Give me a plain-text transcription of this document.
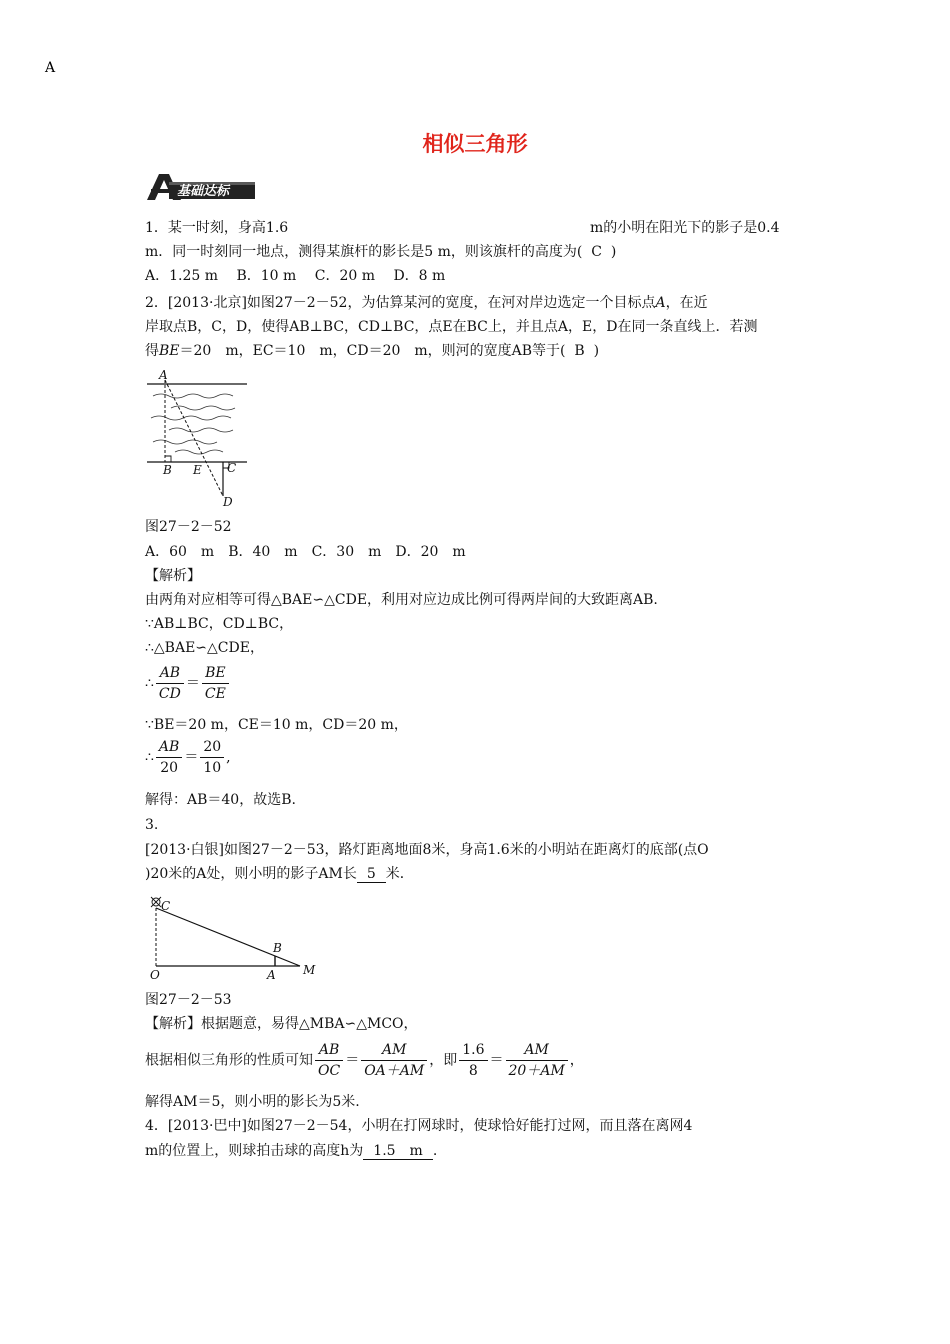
相似三角形
A
基础达标
1．某一时刻，身高1.6	m的小明在阳光下的影子是0.4
m．同一时刻同一地点，测得某旗杆的影长是5 m，则该旗杆的高度为( C )
A．1.25 m　 B．10 m　 C．20 m　 D．8 m
2．[2013·北京]如图27－2－52，为估算某河的宽度，在河对岸边选定一个目标点A，在近
岸取点B，C，D，使得AB⊥BC，CD⊥BC，点E在BC上，并且点A，E，D在同一条直线上．若测
得BE＝20　m，EC＝10　m，CD＝20　m，则河的宽度AB等于( B )
A
B E C
D
图27－2－52
A．60　m　B．40　m　C．30　m　D．20　m
【解析】
由两角对应相等可得△BAE∽△CDE，利用对应边成比例可得两岸间的大致距离AB.
∵AB⊥BC，CD⊥BC，
∴△BAE∽△CDE，
∴ $\frac{AB}{CD} = \frac{BE}{CE}$
∵BE＝20 m，CE＝10 m，CD＝20 m，
∴ $\frac{AB}{20} = \frac{20}{10}$ ,
解得：AB＝40，故选B.
3.
[2013·白银]如图27－2－53，路灯距离地面8米，身高1.6米的小明站在距离灯的底部(点O
)20米的A处，则小明的影子AM长 5 米．
C
B
O	A M
图27－2－53
【解析】根据题意，易得△MBA∽△MCO，
根据相似三角形的性质可知 $\frac{AB}{OC} = \frac{AM}{OA+AM}$ ，即 $\frac{1.6}{8} = \frac{AM}{20+AM}$ ，
解得AM＝5，则小明的影长为5米.
4．[2013·巴中]如图27－2－54，小明在打网球时，使球恰好能打过网，而且落在离网4
m的位置上，则球拍击球的高度h为 1.5　m .
